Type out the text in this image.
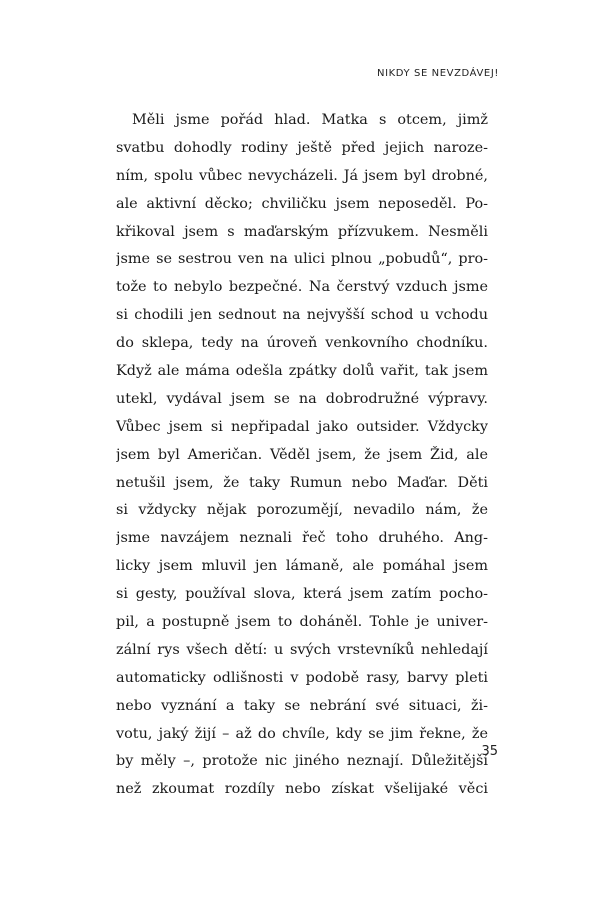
NIKDY SE NEVZDÁVEJ!
Měli jsme pořád hlad. Matka s otcem, jimž
svatbu dohodly rodiny ještě před jejich naroze-
ním, spolu vůbec nevycházeli. Já jsem byl drobné,
ale aktivní děcko; chviličku jsem neposeděl. Po-
křikoval jsem s maďarským přízvukem. Nesměli
jsme se sestrou ven na ulici plnou „pobudů“, pro-
tože to nebylo bezpečné. Na čerstvý vzduch jsme
si chodili jen sednout na nejvyšší schod u vchodu
do sklepa, tedy na úroveň venkovního chodníku.
Když ale máma odešla zpátky dolů vařit, tak jsem
utekl, vydával jsem se na dobrodružné výpravy.
Vůbec jsem si nepřipadal jako outsider. Vždycky
jsem byl Američan. Věděl jsem, že jsem Žid, ale
netušil jsem, že taky Rumun nebo Maďar. Děti
si vždycky nějak porozumějí, nevadilo nám, že
jsme navzájem neznali řeč toho druhého. Ang-
licky jsem mluvil jen lámaně, ale pomáhal jsem
si gesty, používal slova, která jsem zatím pocho-
pil, a postupně jsem to doháněl. Tohle je univer-
zální rys všech dětí: u svých vrstevníků nehledají
automaticky odlišnosti v podobě rasy, barvy pleti
nebo vyznání a taky se nebrání své situaci, ži-
votu, jaký žijí – až do chvíle, kdy se jim řekne, že
by měly –, protože nic jiného neznají. Důležitější
než zkoumat rozdíly nebo získat všelijaké věci
35
